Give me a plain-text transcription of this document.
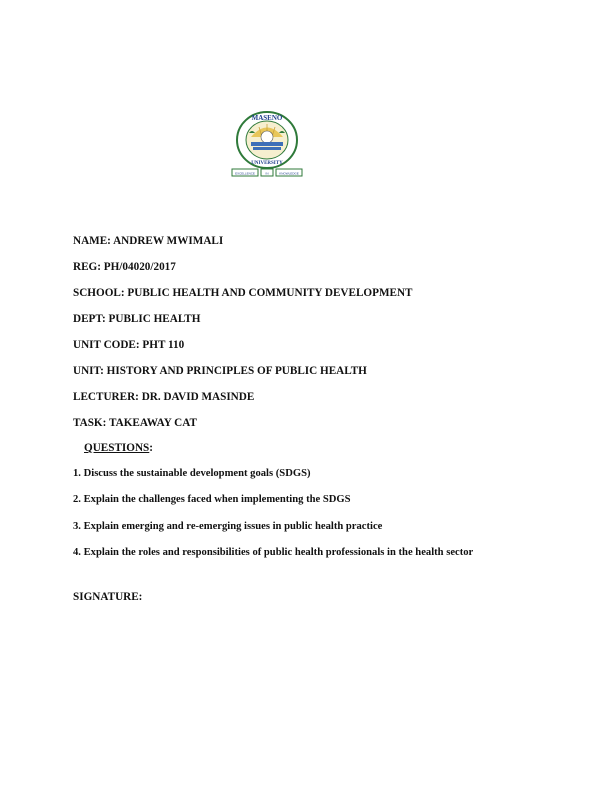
MASENO
UNIVERSITY
EXCELLENCE	IN	KNOWLEDGE
NAME: ANDREW MWIMALI
REG: PH/04020/2017
SCHOOL: PUBLIC HEALTH AND COMMUNITY DEVELOPMENT
DEPT: PUBLIC HEALTH
UNIT CODE: PHT 110
UNIT: HISTORY AND PRINCIPLES OF PUBLIC HEALTH
LECTURER: DR. DAVID MASINDE
TASK: TAKEAWAY CAT
QUESTIONS:
1. Discuss the sustainable development goals (SDGS)
2. Explain the challenges faced when implementing the SDGS
3. Explain emerging and re-emerging issues in public health practice
4. Explain the roles and responsibilities of public health professionals in the health sector
SIGNATURE:
